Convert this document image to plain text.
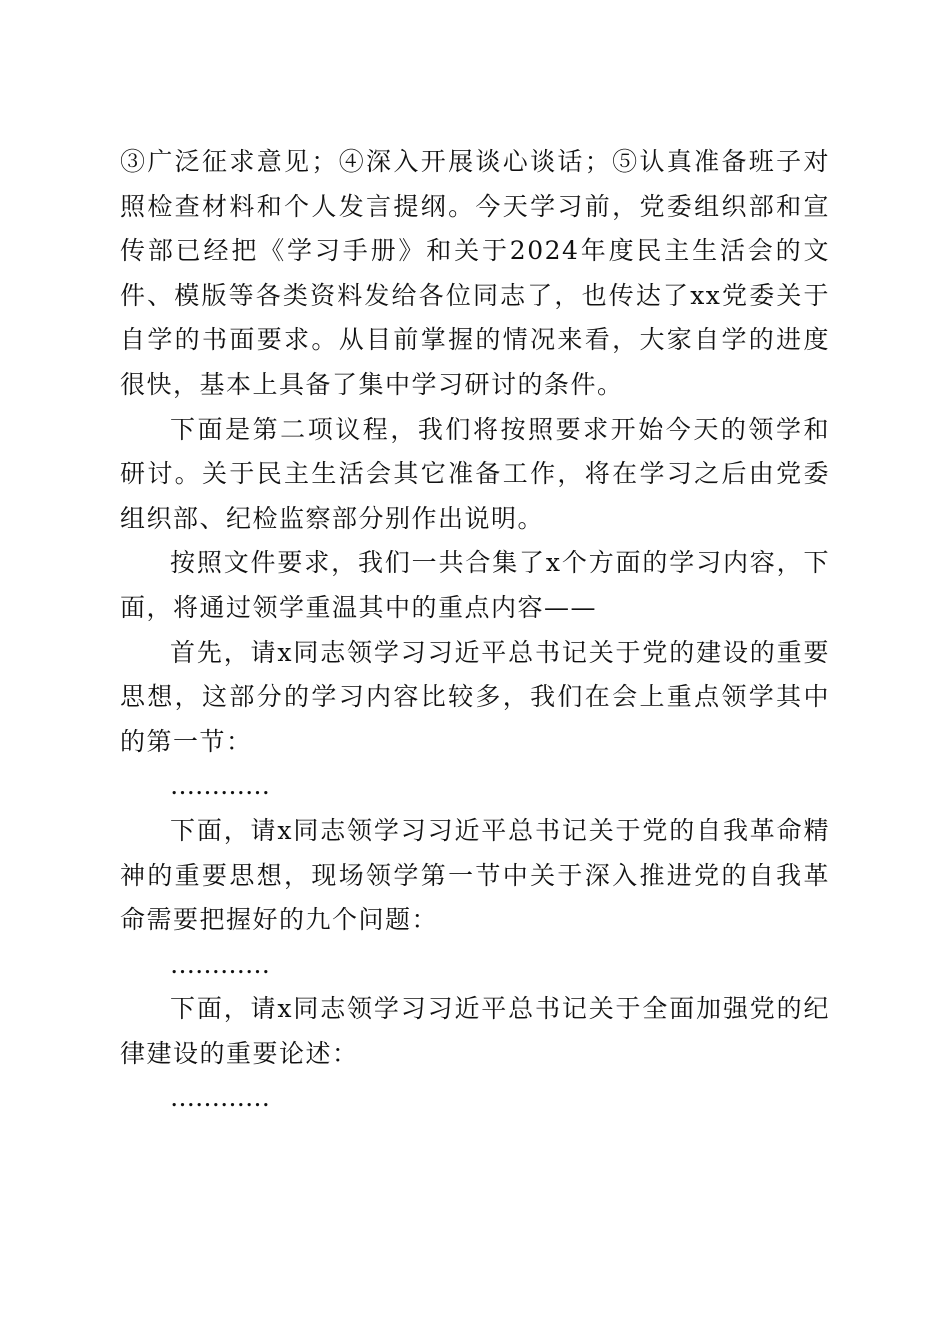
③广泛征求意见；④深入开展谈心谈话；⑤认真准备班子对照检查材料和个人发言提纲。今天学习前，党委组织部和宣传部已经把《学习手册》和关于2024年度民主生活会的文件、模版等各类资料发给各位同志了，也传达了xx党委关于自学的书面要求。从目前掌握的情况来看，大家自学的进度很快，基本上具备了集中学习研讨的条件。

下面是第二项议程，我们将按照要求开始今天的领学和研讨。关于民主生活会其它准备工作，将在学习之后由党委组织部、纪检监察部分别作出说明。

按照文件要求，我们一共合集了x个方面的学习内容，下面，将通过领学重温其中的重点内容——

首先，请x同志领学习习近平总书记关于党的建设的重要思想，这部分的学习内容比较多，我们在会上重点领学其中的第一节：

…………

下面，请x同志领学习习近平总书记关于党的自我革命精神的重要思想，现场领学第一节中关于深入推进党的自我革命需要把握好的九个问题：

…………

下面，请x同志领学习习近平总书记关于全面加强党的纪律建设的重要论述：

…………
